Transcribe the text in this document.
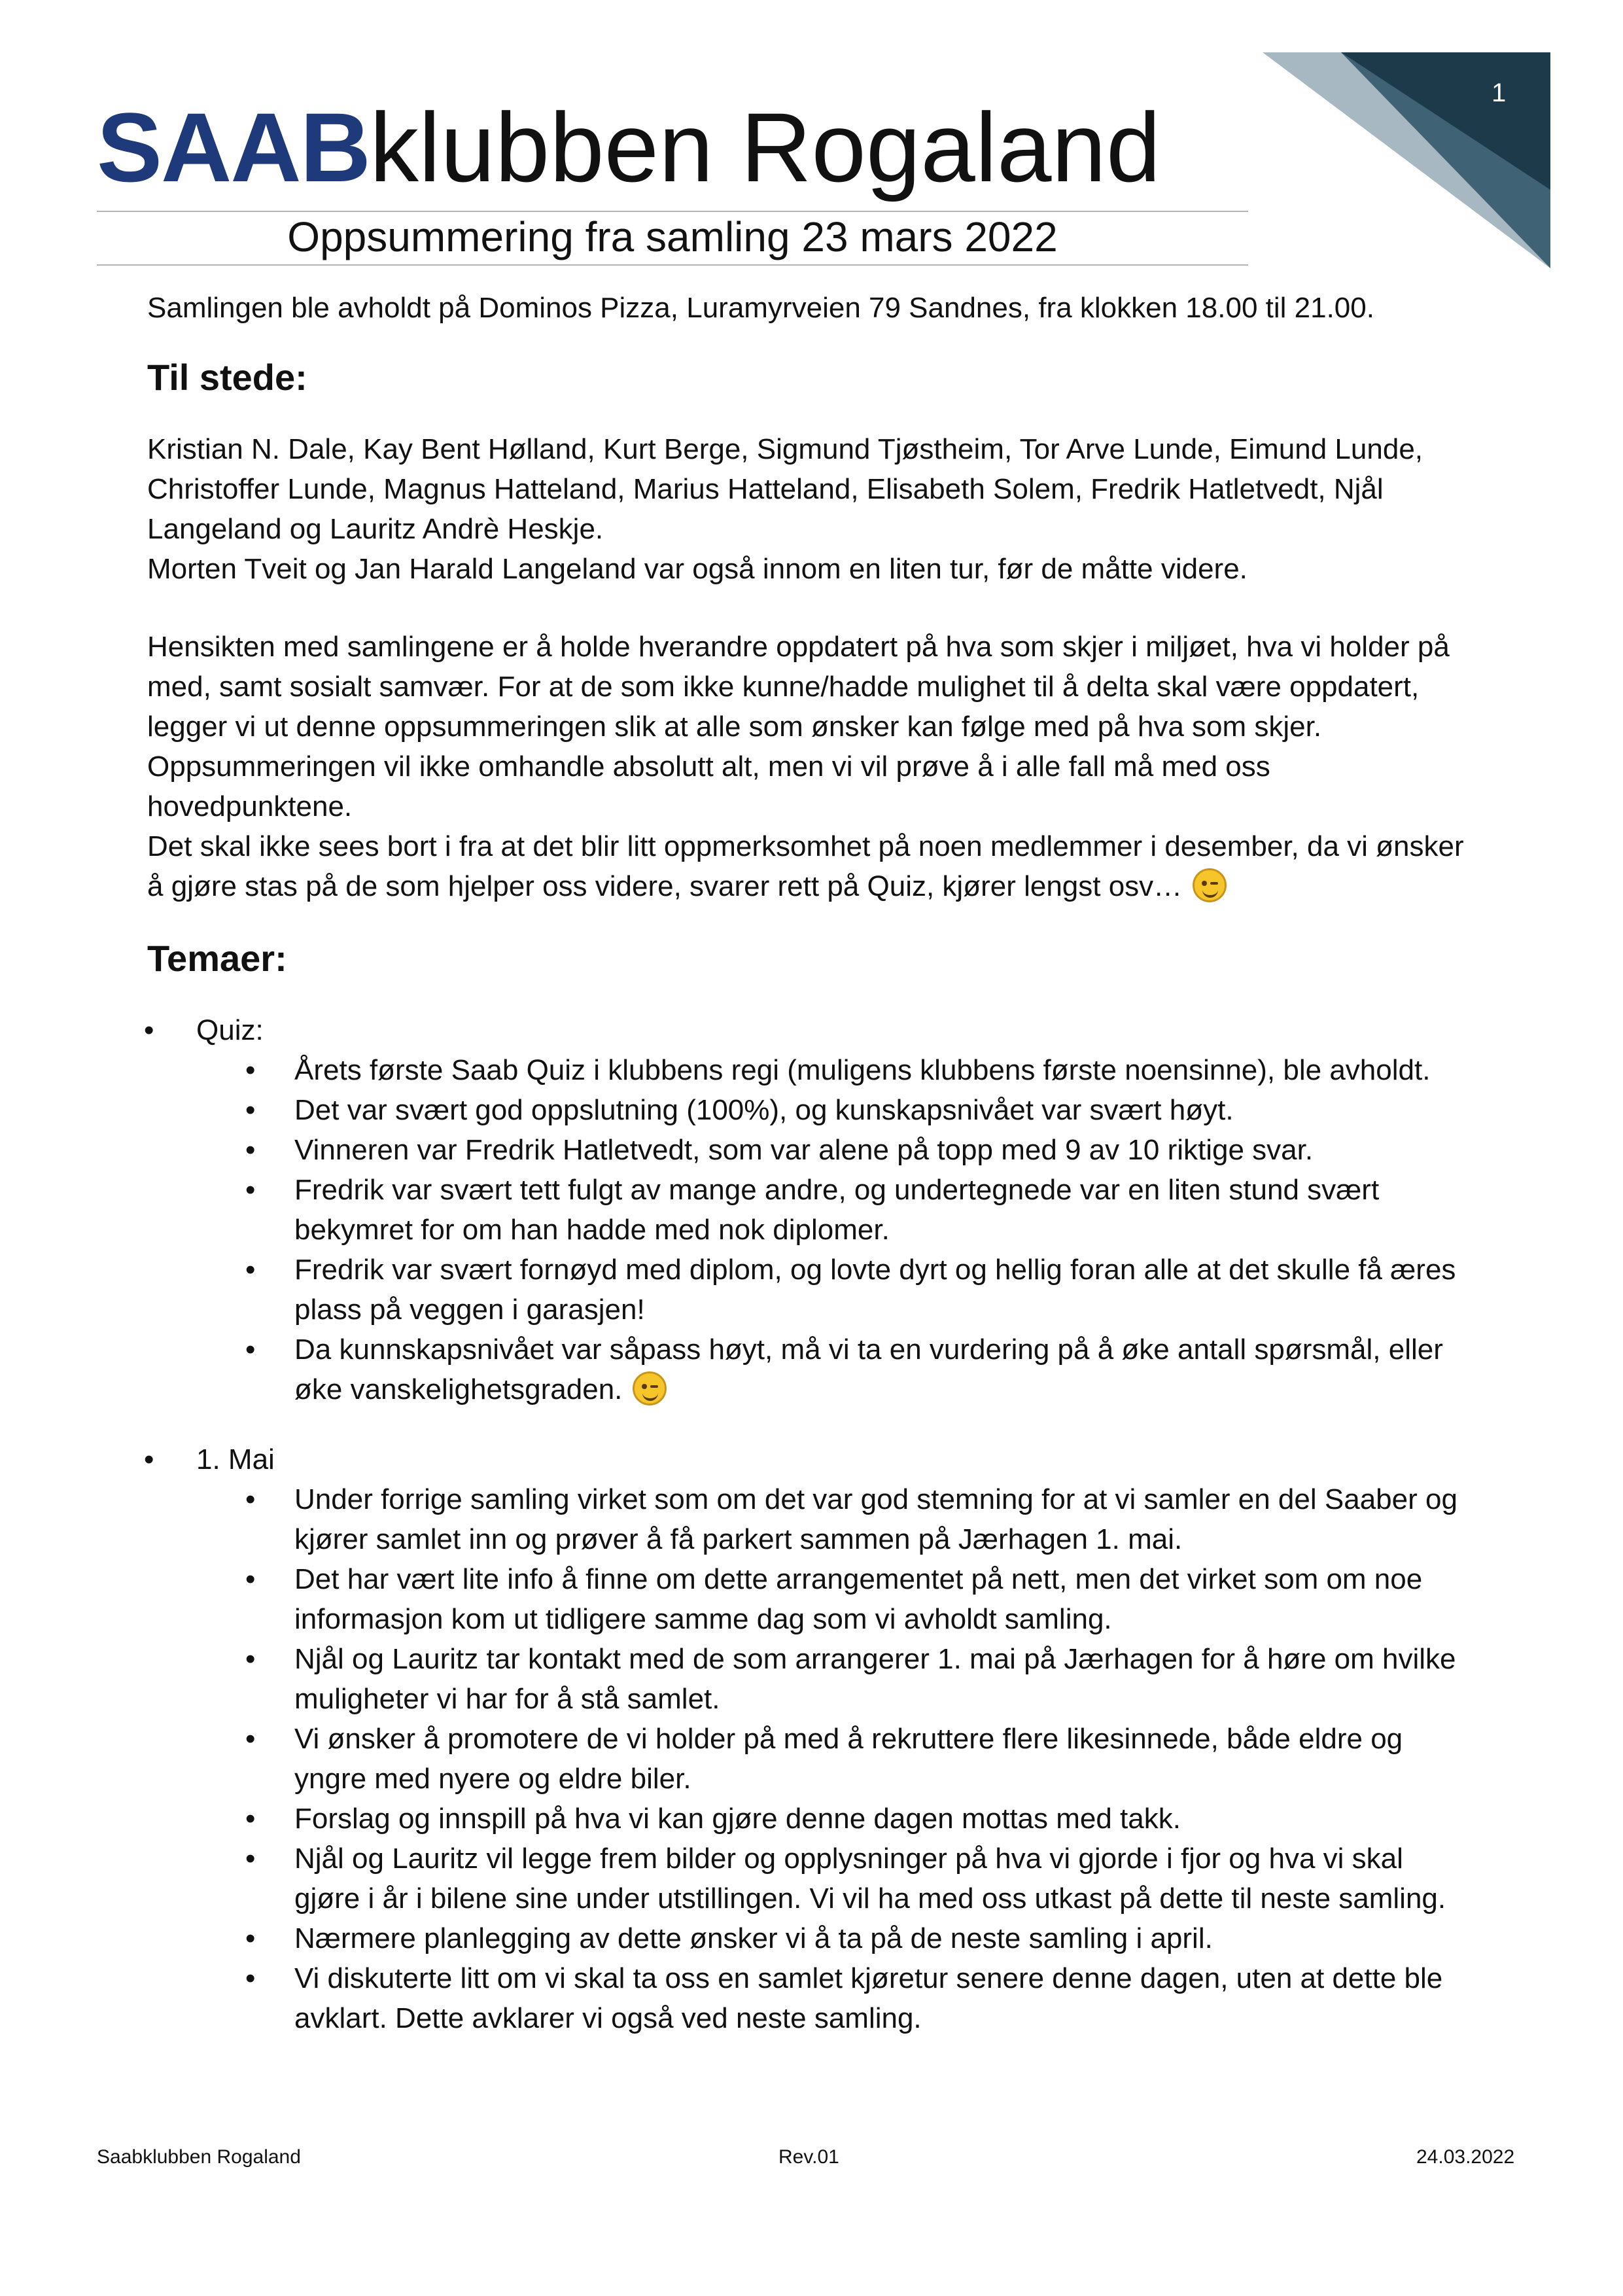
1
SAABklubben Rogaland
Oppsummering fra samling 23 mars 2022

Samlingen ble avholdt på Dominos Pizza, Luramyrveien 79 Sandnes, fra klokken 18.00 til 21.00.

Til stede:

Kristian N. Dale, Kay Bent Hølland, Kurt Berge, Sigmund Tjøstheim, Tor Arve Lunde, Eimund Lunde,

Christoffer Lunde, Magnus Hatteland, Marius Hatteland, Elisabeth Solem, Fredrik Hatletvedt, Njål

Langeland og Lauritz Andrè Heskje.

Morten Tveit og Jan Harald Langeland var også innom en liten tur, før de måtte videre.

Hensikten med samlingene er å holde hverandre oppdatert på hva som skjer i miljøet, hva vi holder på

med, samt sosialt samvær. For at de som ikke kunne/hadde mulighet til å delta skal være oppdatert,

legger vi ut denne oppsummeringen slik at alle som ønsker kan følge med på hva som skjer.

Oppsummeringen vil ikke omhandle absolutt alt, men vi vil prøve å i alle fall må med oss

hovedpunktene.

Det skal ikke sees bort i fra at det blir litt oppmerksomhet på noen medlemmer i desember, da vi ønsker

å gjøre stas på de som hjelper oss videre, svarer rett på Quiz, kjører lengst osv…

Temaer:
• Quiz:
• Årets første Saab Quiz i klubbens regi (muligens klubbens første noensinne), ble avholdt.
• Det var svært god oppslutning (100%), og kunskapsnivået var svært høyt.
• Vinneren var Fredrik Hatletvedt, som var alene på topp med 9 av 10 riktige svar.
• Fredrik var svært tett fulgt av mange andre, og undertegnede var en liten stund svært
bekymret for om han hadde med nok diplomer.
• Fredrik var svært fornøyd med diplom, og lovte dyrt og hellig foran alle at det skulle få æres
plass på veggen i garasjen!
• Da kunnskapsnivået var såpass høyt, må vi ta en vurdering på å øke antall spørsmål, eller
øke vanskelighetsgraden.
• 1. Mai
• Under forrige samling virket som om det var god stemning for at vi samler en del Saaber og
kjører samlet inn og prøver å få parkert sammen på Jærhagen 1. mai.
• Det har vært lite info å finne om dette arrangementet på nett, men det virket som om noe
informasjon kom ut tidligere samme dag som vi avholdt samling.
• Njål og Lauritz tar kontakt med de som arrangerer 1. mai på Jærhagen for å høre om hvilke
muligheter vi har for å stå samlet.
• Vi ønsker å promotere de vi holder på med å rekruttere flere likesinnede, både eldre og
yngre med nyere og eldre biler.
• Forslag og innspill på hva vi kan gjøre denne dagen mottas med takk.
• Njål og Lauritz vil legge frem bilder og opplysninger på hva vi gjorde i fjor og hva vi skal
gjøre i år i bilene sine under utstillingen. Vi vil ha med oss utkast på dette til neste samling.
• Nærmere planlegging av dette ønsker vi å ta på de neste samling i april.
• Vi diskuterte litt om vi skal ta oss en samlet kjøretur senere denne dagen, uten at dette ble
avklart. Dette avklarer vi også ved neste samling.
Saabklubben Rogaland	Rev.01	24.03.2022
